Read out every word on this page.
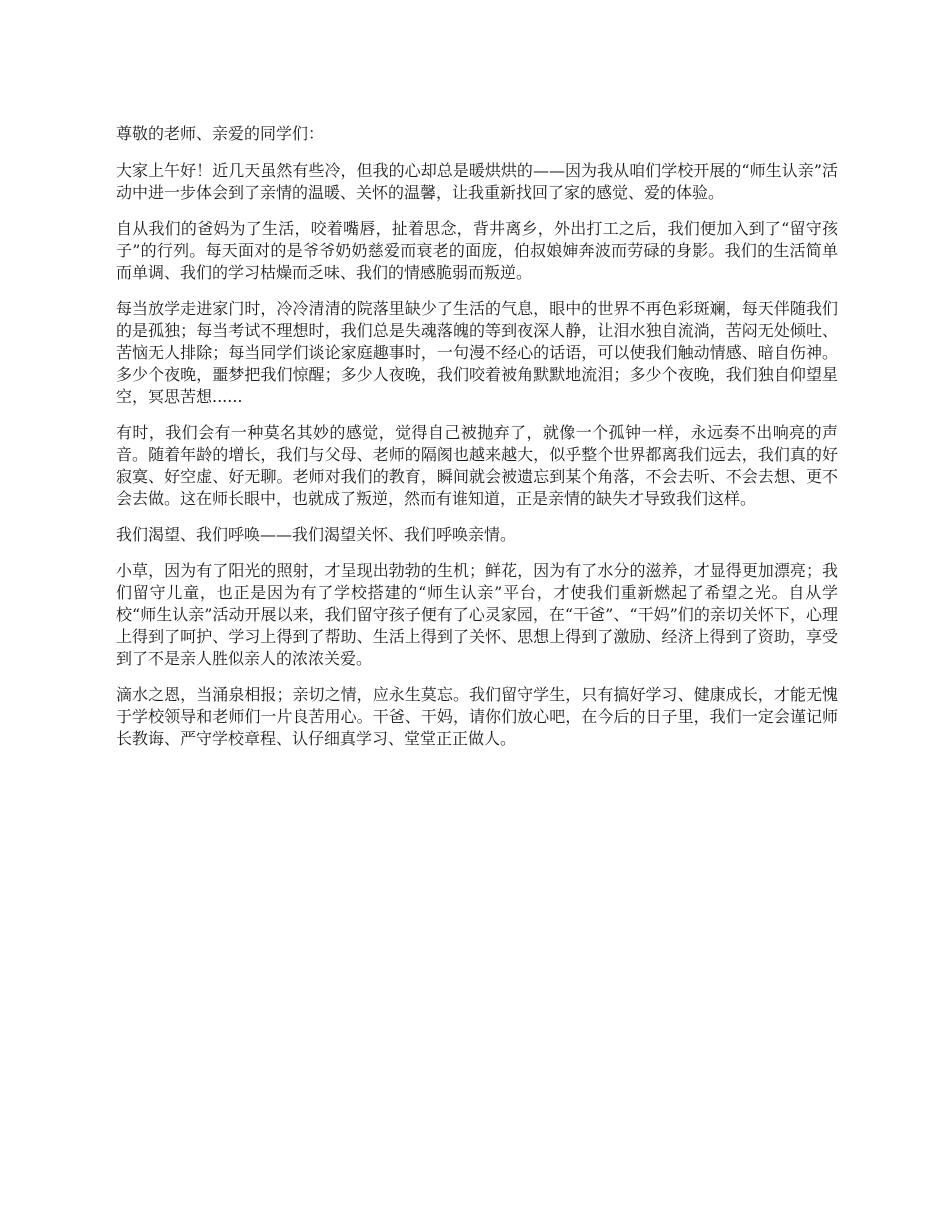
尊敬的老师、亲爱的同学们：

大家上午好！近几天虽然有些冷，但我的心却总是暖烘烘的——因为我从咱们学校开展的“师生认亲”活动中进一步体会到了亲情的温暖、关怀的温馨，让我重新找回了家的感觉、爱的体验。

自从我们的爸妈为了生活，咬着嘴唇，扯着思念，背井离乡，外出打工之后，我们便加入到了“留守孩子”的行列。每天面对的是爷爷奶奶慈爱而衰老的面庞，伯叔娘婶奔波而劳碌的身影。我们的生活简单而单调、我们的学习枯燥而乏味、我们的情感脆弱而叛逆。

每当放学走进家门时，冷冷清清的院落里缺少了生活的气息，眼中的世界不再色彩斑斓，每天伴随我们的是孤独；每当考试不理想时，我们总是失魂落魄的等到夜深人静，让泪水独自流淌，苦闷无处倾吐、苦恼无人排除；每当同学们谈论家庭趣事时，一句漫不经心的话语，可以使我们触动情感、暗自伤神。多少个夜晚，噩梦把我们惊醒；多少人夜晚，我们咬着被角默默地流泪；多少个夜晚，我们独自仰望星空，冥思苦想......

有时，我们会有一种莫名其妙的感觉，觉得自己被抛弃了，就像一个孤钟一样，永远奏不出响亮的声音。随着年龄的增长，我们与父母、老师的隔阂也越来越大，似乎整个世界都离我们远去，我们真的好寂寞、好空虚、好无聊。老师对我们的教育，瞬间就会被遗忘到某个角落，不会去听、不会去想、更不会去做。这在师长眼中，也就成了叛逆，然而有谁知道，正是亲情的缺失才导致我们这样。

我们渴望、我们呼唤——我们渴望关怀、我们呼唤亲情。

小草，因为有了阳光的照射，才呈现出勃勃的生机；鲜花，因为有了水分的滋养，才显得更加漂亮；我们留守儿童，也正是因为有了学校搭建的“师生认亲”平台，才使我们重新燃起了希望之光。自从学校“师生认亲”活动开展以来，我们留守孩子便有了心灵家园，在“干爸”、“干妈”们的亲切关怀下，心理上得到了呵护、学习上得到了帮助、生活上得到了关怀、思想上得到了激励、经济上得到了资助，享受到了不是亲人胜似亲人的浓浓关爱。

滴水之恩，当涌泉相报；亲切之情，应永生莫忘。我们留守学生，只有搞好学习、健康成长，才能无愧于学校领导和老师们一片良苦用心。干爸、干妈，请你们放心吧，在今后的日子里，我们一定会谨记师长教诲、严守学校章程、认仔细真学习、堂堂正正做人。
